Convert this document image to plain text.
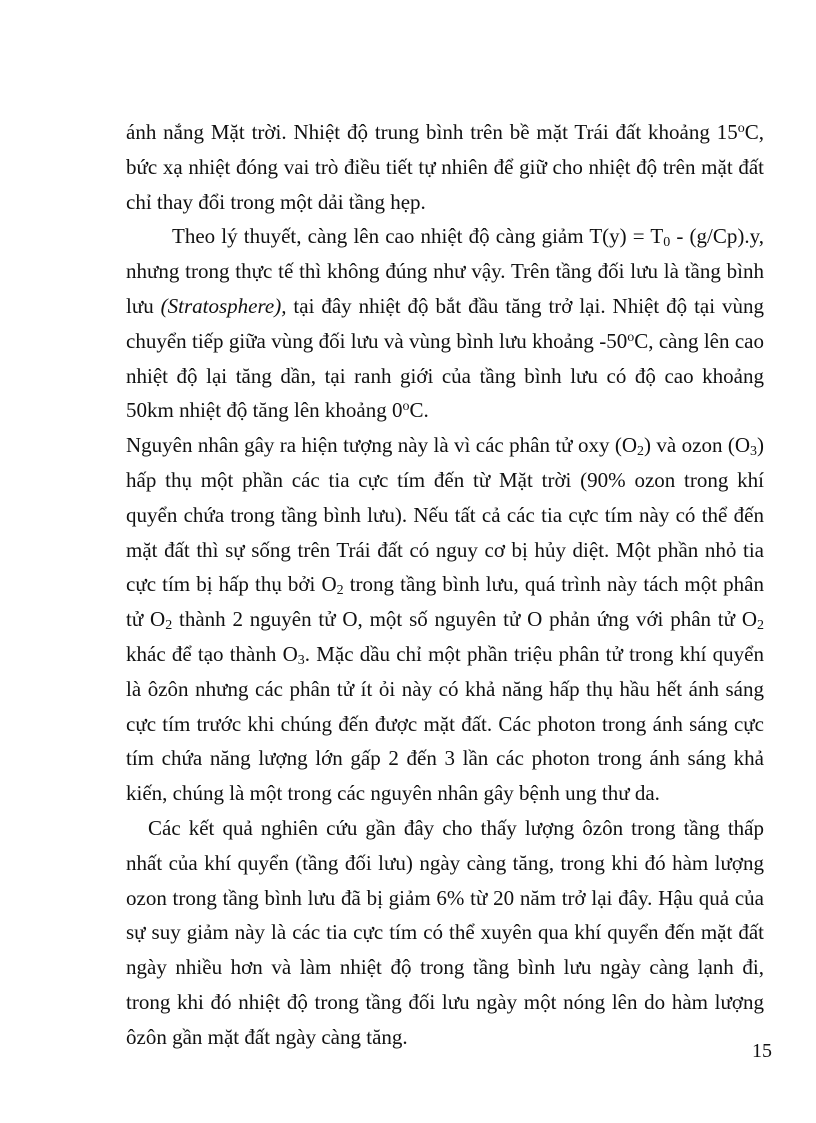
ánh nắng Mặt trời. Nhiệt độ trung bình trên bề mặt Trái đất khoảng 15$^o$C, bức xạ nhiệt đóng vai trò điều tiết tự nhiên để giữ cho nhiệt độ trên mặt đất chỉ thay đổi trong một dải tầng hẹp.

Theo lý thuyết, càng lên cao nhiệt độ càng giảm $T(y) = T_0 - (g/Cp).y$, nhưng trong thực tế thì không đúng như vậy. Trên tầng đối lưu là tầng bình lưu (Stratosphere), tại đây nhiệt độ bắt đầu tăng trở lại. Nhiệt độ tại vùng chuyển tiếp giữa vùng đối lưu và vùng bình lưu khoảng -50$^o$C, càng lên cao nhiệt độ lại tăng dần, tại ranh giới của tầng bình lưu có độ cao khoảng 50km nhiệt độ tăng lên khoảng 0$^o$C.

Nguyên nhân gây ra hiện tượng này là vì các phân tử oxy $(O_2)$ và ozon $(O_3)$ hấp thụ một phần các tia cực tím đến từ Mặt trời (90% ozon trong khí quyển chứa trong tầng bình lưu). Nếu tất cả các tia cực tím này có thể đến mặt đất thì sự sống trên Trái đất có nguy cơ bị hủy diệt. Một phần nhỏ tia cực tím bị hấp thụ bởi $O_2$ trong tầng bình lưu, quá trình này tách một phân tử $O_2$ thành 2 nguyên tử O, một số nguyên tử O phản ứng với phân tử $O_2$ khác để tạo thành $O_3$. Mặc dầu chỉ một phần triệu phân tử trong khí quyển là ôzôn nhưng các phân tử ít ỏi này có khả năng hấp thụ hầu hết ánh sáng cực tím trước khi chúng đến được mặt đất. Các photon trong ánh sáng cực tím chứa năng lượng lớn gấp 2 đến 3 lần các photon trong ánh sáng khả kiến, chúng là một trong các nguyên nhân gây bệnh ung thư da.

Các kết quả nghiên cứu gần đây cho thấy lượng ôzôn trong tầng thấp nhất của khí quyển (tầng đối lưu) ngày càng tăng, trong khi đó hàm lượng ozon trong tầng bình lưu đã bị giảm 6% từ 20 năm trở lại đây. Hậu quả của sự suy giảm này là các tia cực tím có thể xuyên qua khí quyển đến mặt đất ngày nhiều hơn và làm nhiệt độ trong tầng bình lưu ngày càng lạnh đi, trong khi đó nhiệt độ trong tầng đối lưu ngày một nóng lên do hàm lượng ôzôn gần mặt đất ngày càng tăng.

15
